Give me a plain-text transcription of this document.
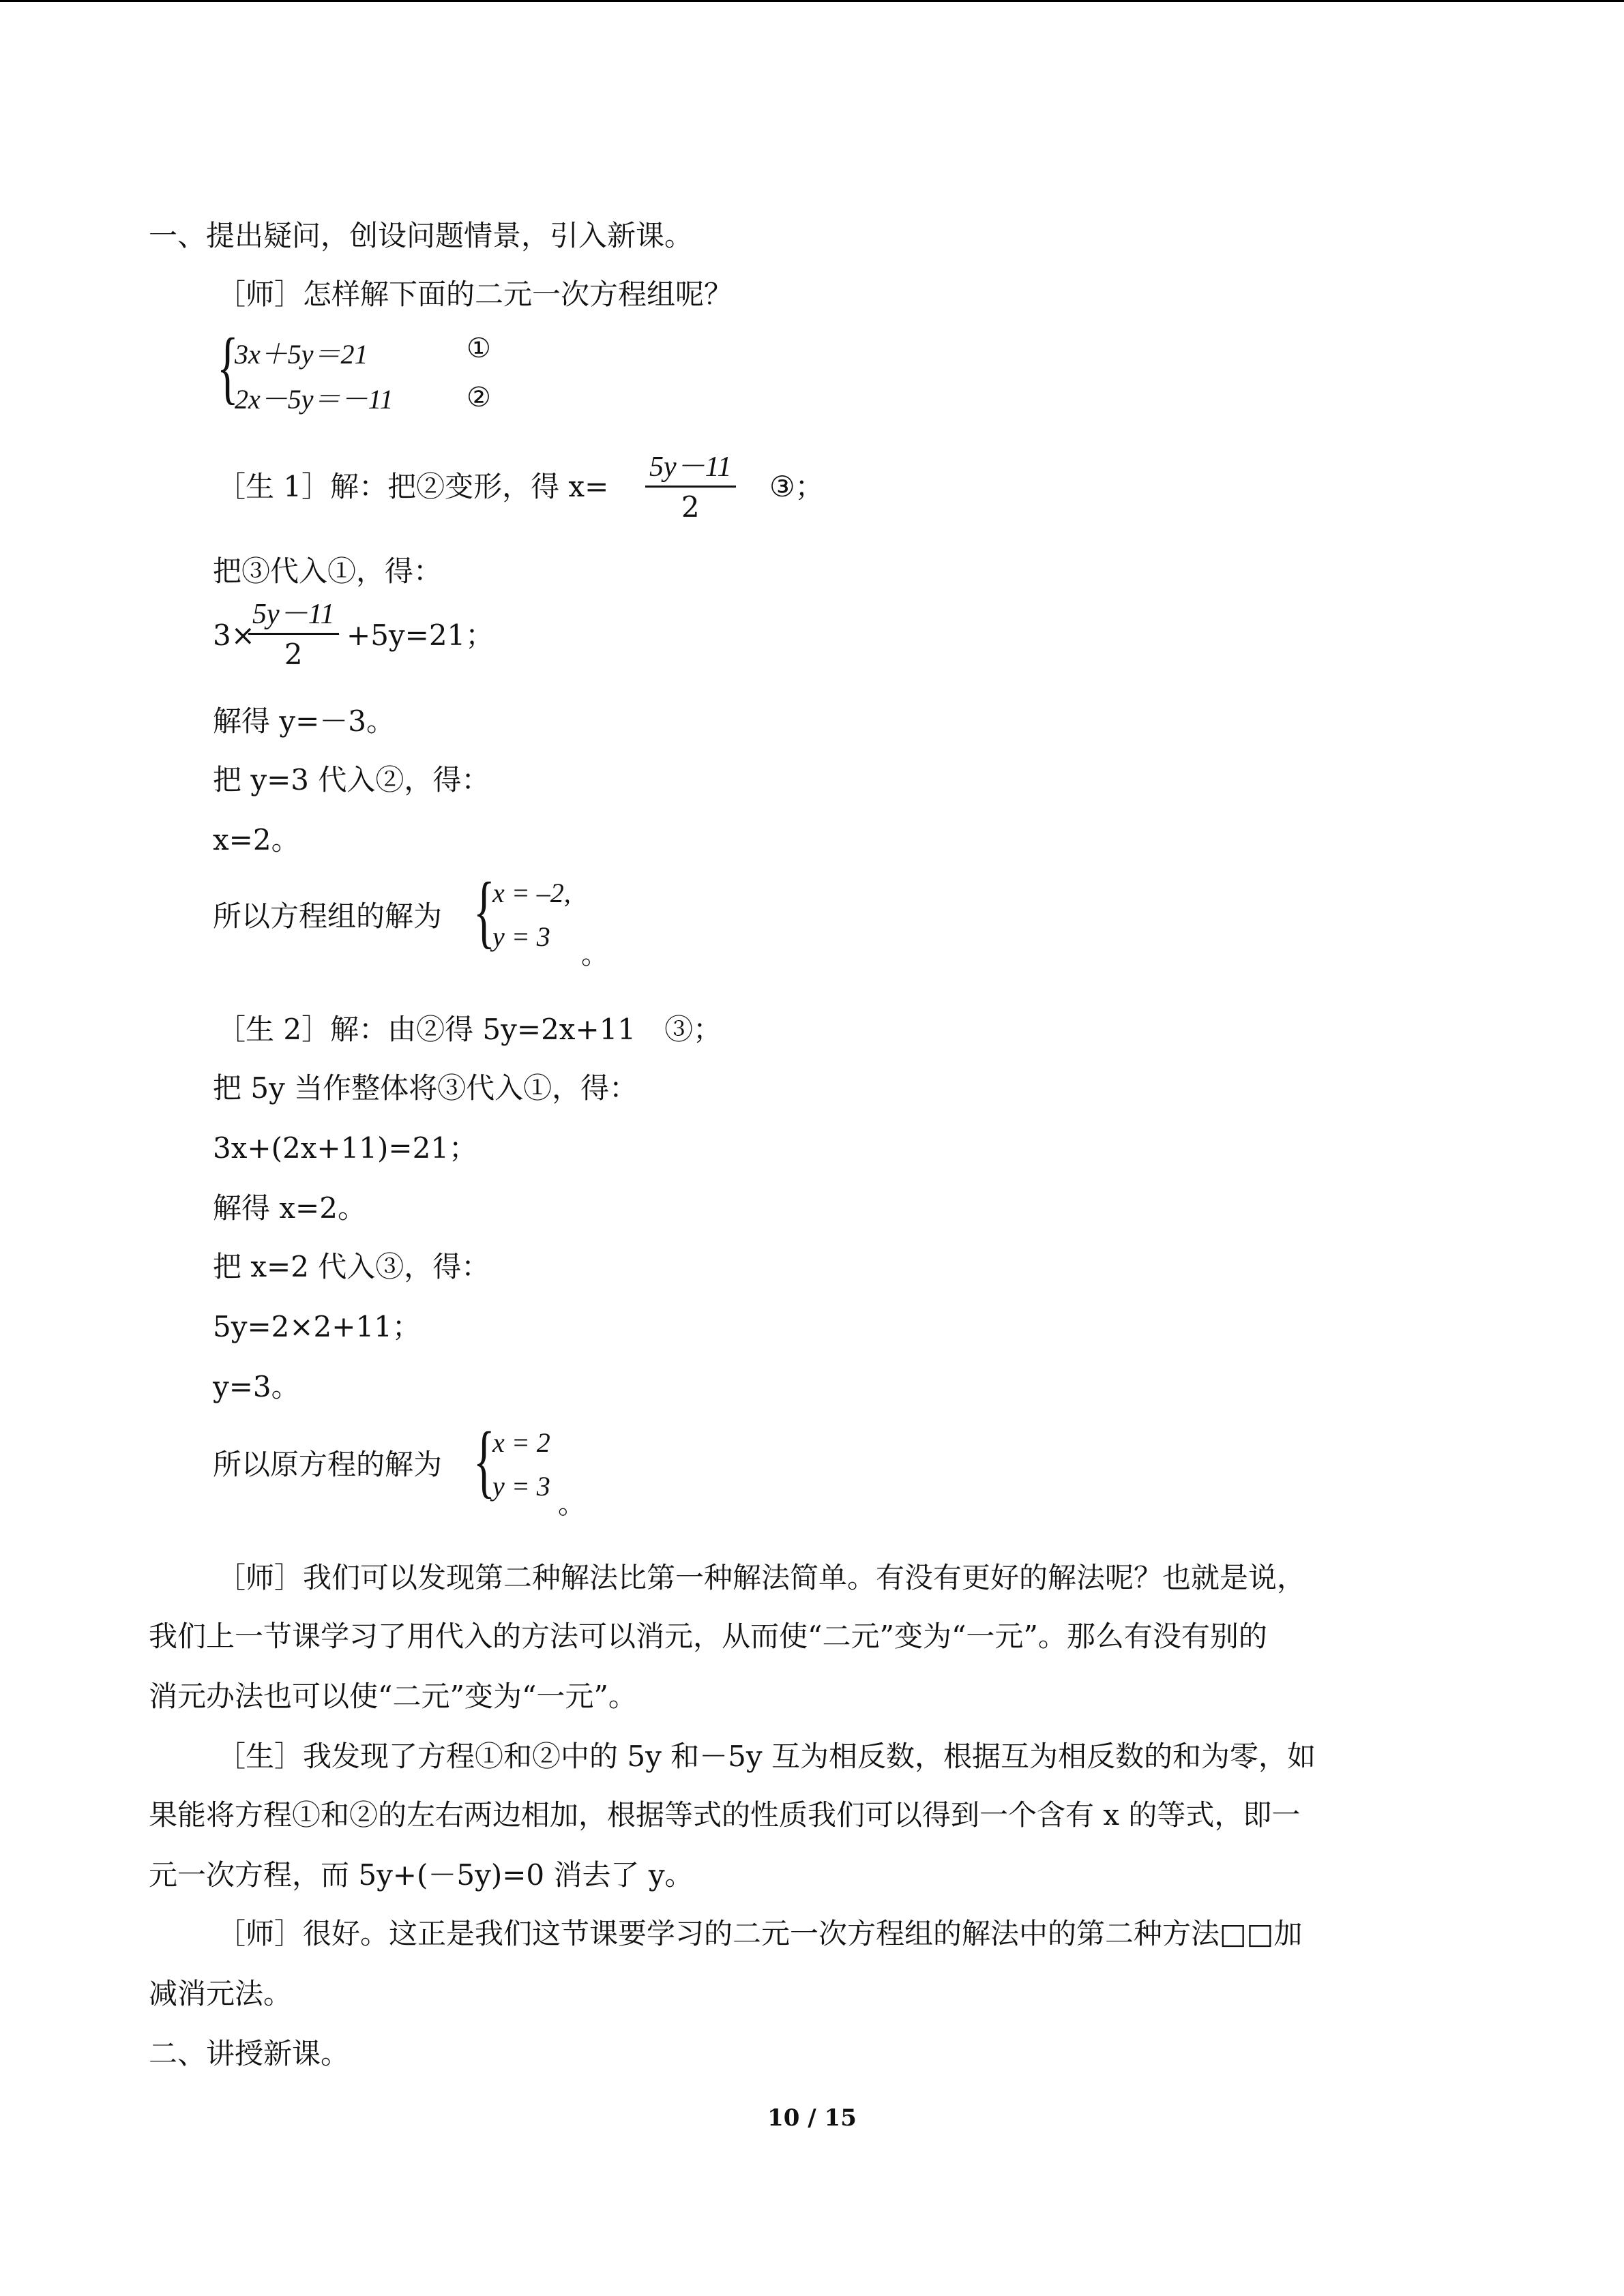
一、提出疑问，创设问题情景，引入新课。
［师］怎样解下面的二元一次方程组呢？
{
3x＋5y＝21
2x－5y＝－11
①
②
［生 1］解：把②变形，得 $x= \frac{5y-11}{2}$ ③；
把③代入①，得：
3×
$\frac{5y-11}{2} +5y=21$；
解得 y=－3。
把 y=3 代入②，得：
x=2。
所以方程组的解为 {
x = –2,
y = 3
。
［生 2］解：由②得 5y=2x+11　③；
把 5y 当作整体将③代入①，得：
3x+(2x+11)=21；
解得 x=2。
把 x=2 代入③，得：
5y=2×2+11；
y=3。
所以原方程的解为 {
x = 2
y = 3
。
［师］我们可以发现第二种解法比第一种解法简单。有没有更好的解法呢？也就是说，
我们上一节课学习了用代入的方法可以消元，从而使“二元”变为“一元”。那么有没有别的
消元办法也可以使“二元”变为“一元”。
［生］我发现了方程①和②中的 5y 和－5y 互为相反数，根据互为相反数的和为零，如
果能将方程①和②的左右两边相加，根据等式的性质我们可以得到一个含有 x 的等式，即一
元一次方程，而 5y+(－5y)=0 消去了 y。
［师］很好。这正是我们这节课要学习的二元一次方程组的解法中的第二种方法□□加
减消元法。
二、讲授新课。
10 / 15
